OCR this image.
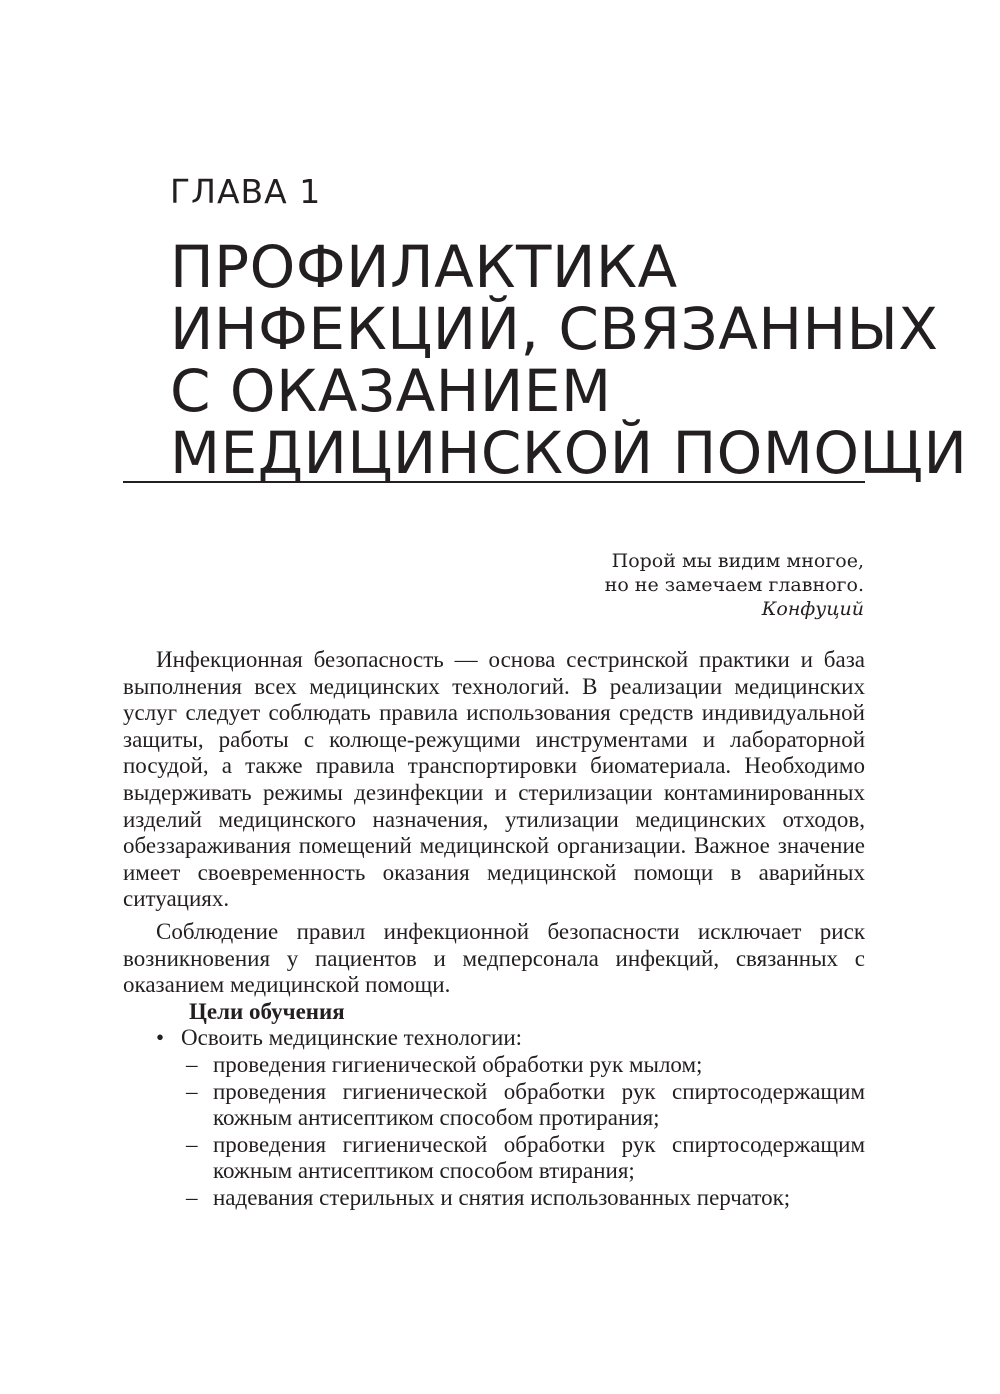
ГЛАВА 1
ПРОФИЛАКТИКА
ИНФЕКЦИЙ, СВЯЗАННЫХ
С ОКАЗАНИЕМ
МЕДИЦИНСКОЙ ПОМОЩИ
Порой мы видим многое,
но не замечаем главного.
Конфуций

Инфекционная безопасность — основа сестринской практики и база выполнения всех медицинских технологий. В реализации медицинских услуг следует соблюдать правила использования средств индивидуальной защиты, работы с колюще-режущими инструментами и лабораторной посудой, а также правила транспортировки биоматериала. Необходимо выдерживать режимы дезинфекции и стерилизации контаминированных изделий медицинского назначения, утилизации медицинских отходов, обеззараживания помещений медицинской организации. Важное значение имеет своевременность оказания медицинской помощи в аварийных ситуациях.

Соблюдение правил инфекционной безопасности исключает риск возникновения у пациентов и медперсонала инфекций, связанных с оказанием медицинской помощи.

Цели обучения

• Освоить медицинские технологии:
– проведения гигиенической обработки рук мылом;
– проведения гигиенической обработки рук спиртосодержащим кожным антисептиком способом протирания;
– проведения гигиенической обработки рук спиртосодержащим кожным антисептиком способом втирания;
– надевания стерильных и снятия использованных перчаток;
